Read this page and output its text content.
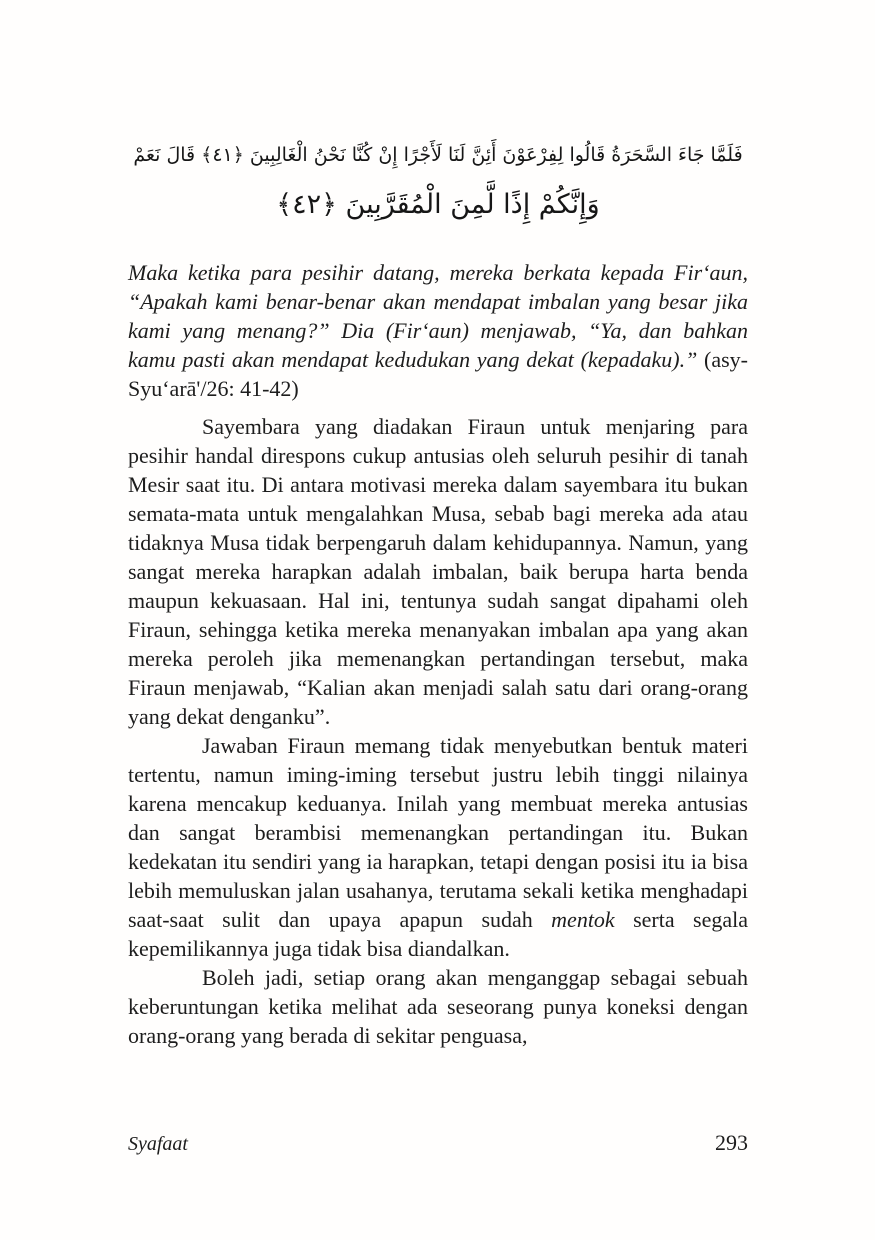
فَلَمَّا جَاءَ السَّحَرَةُ قَالُوا لِفِرْعَوْنَ أَئِنَّ لَنَا لَأَجْرًا إِنْ كُنَّا نَحْنُ الْغَالِبِينَ ﴿٤١﴾ قَالَ نَعَمْ
وَإِنَّكُمْ إِذًا لَّمِنَ الْمُقَرَّبِينَ ﴿٤٢﴾

Maka ketika para pesihir datang, mereka berkata kepada Fir‘aun, “Apakah kami benar-benar akan mendapat imbalan yang besar jika kami yang menang?” Dia (Fir‘aun) menjawab, “Ya, dan bahkan kamu pasti akan mendapat kedudukan yang dekat (kepadaku).” (asy-Syu‘arā'/26: 41-42)

Sayembara yang diadakan Firaun untuk menjaring para pesihir handal direspons cukup antusias oleh seluruh pesihir di tanah Mesir saat itu. Di antara motivasi mereka dalam sayembara itu bukan semata-mata untuk mengalahkan Musa, sebab bagi mereka ada atau tidaknya Musa tidak berpengaruh dalam kehidupannya. Namun, yang sangat mereka harapkan adalah imbalan, baik berupa harta benda maupun kekuasaan. Hal ini, tentunya sudah sangat dipahami oleh Firaun, sehingga ketika mereka menanyakan imbalan apa yang akan mereka peroleh jika memenangkan pertandingan tersebut, maka Firaun menjawab, “Kalian akan menjadi salah satu dari orang-orang yang dekat denganku”.

Jawaban Firaun memang tidak menyebutkan bentuk materi tertentu, namun iming-iming tersebut justru lebih tinggi nilainya karena mencakup keduanya. Inilah yang membuat mereka antusias dan sangat berambisi memenangkan pertandingan itu. Bukan kedekatan itu sendiri yang ia harapkan, tetapi dengan posisi itu ia bisa lebih memuluskan jalan usahanya, terutama sekali ketika menghadapi saat-saat sulit dan upaya apapun sudah mentok serta segala kepemilikannya juga tidak bisa diandalkan.

Boleh jadi, setiap orang akan menganggap sebagai sebuah keberuntungan ketika melihat ada seseorang punya koneksi dengan orang-orang yang berada di sekitar penguasa,

Syafaat	293
